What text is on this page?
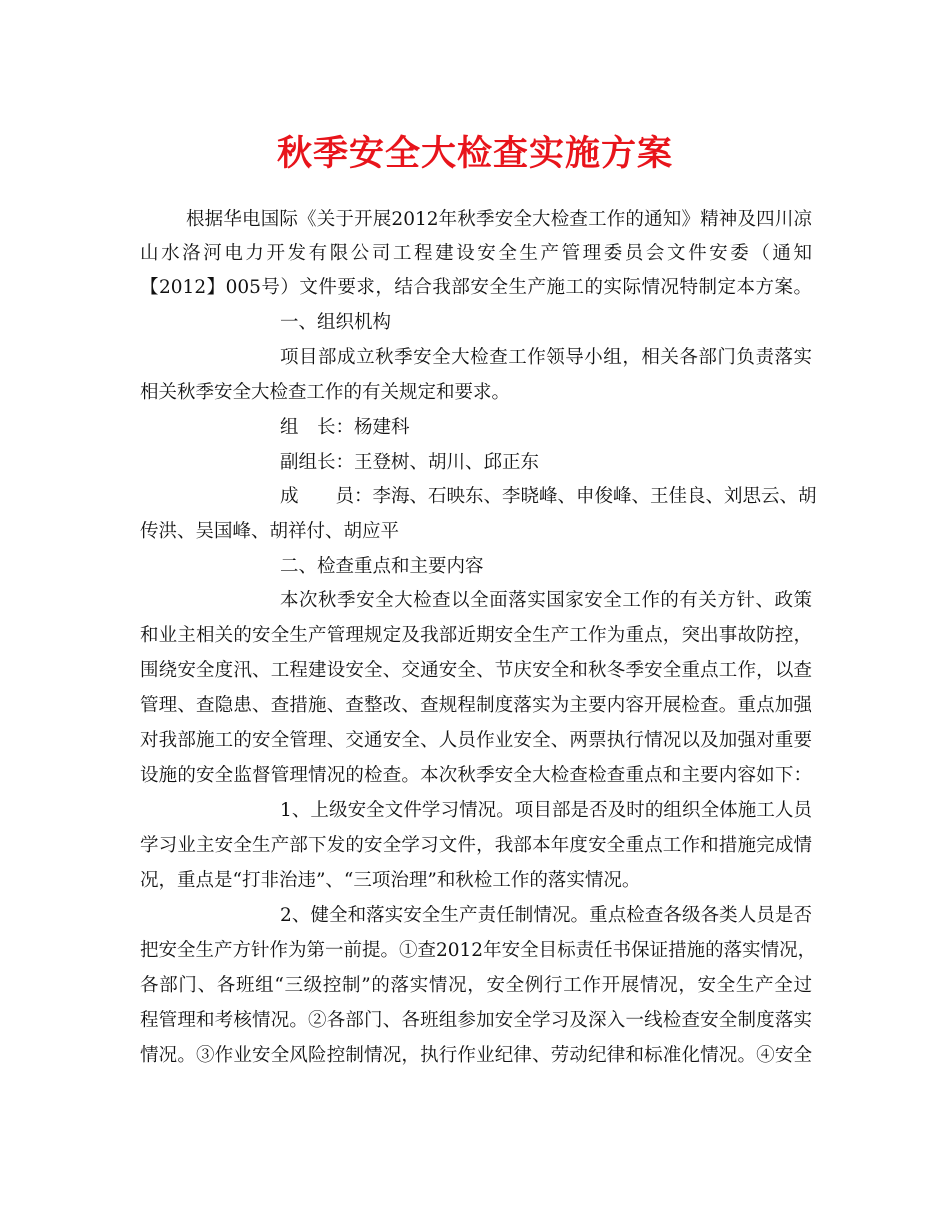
秋季安全大检查实施方案

根据华电国际《关于开展2012年秋季安全大检查工作的通知》精神及四川凉

山水洛河电力开发有限公司工程建设安全生产管理委员会文件安委（通知

【2012】005号）文件要求，结合我部安全生产施工的实际情况特制定本方案。

一、组织机构

项目部成立秋季安全大检查工作领导小组，相关各部门负责落实

相关秋季安全大检查工作的有关规定和要求。

组　长：杨建科

副组长：王登树、胡川、邱正东

成　　员：李海、石映东、李晓峰、申俊峰、王佳良、刘思云、胡

传洪、吴国峰、胡祥付、胡应平

二、检查重点和主要内容

本次秋季安全大检查以全面落实国家安全工作的有关方针、政策

和业主相关的安全生产管理规定及我部近期安全生产工作为重点，突出事故防控，

围绕安全度汛、工程建设安全、交通安全、节庆安全和秋冬季安全重点工作，以查

管理、查隐患、查措施、查整改、查规程制度落实为主要内容开展检查。重点加强

对我部施工的安全管理、交通安全、人员作业安全、两票执行情况以及加强对重要

设施的安全监督管理情况的检查。本次秋季安全大检查检查重点和主要内容如下：

1、上级安全文件学习情况。项目部是否及时的组织全体施工人员

学习业主安全生产部下发的安全学习文件，我部本年度安全重点工作和措施完成情

况，重点是“打非治违”、“三项治理”和秋检工作的落实情况。

2、健全和落实安全生产责任制情况。重点检查各级各类人员是否

把安全生产方针作为第一前提。①查2012年安全目标责任书保证措施的落实情况，

各部门、各班组“三级控制”的落实情况，安全例行工作开展情况，安全生产全过

程管理和考核情况。②各部门、各班组参加安全学习及深入一线检查安全制度落实

情况。③作业安全风险控制情况，执行作业纪律、劳动纪律和标准化情况。④安全
